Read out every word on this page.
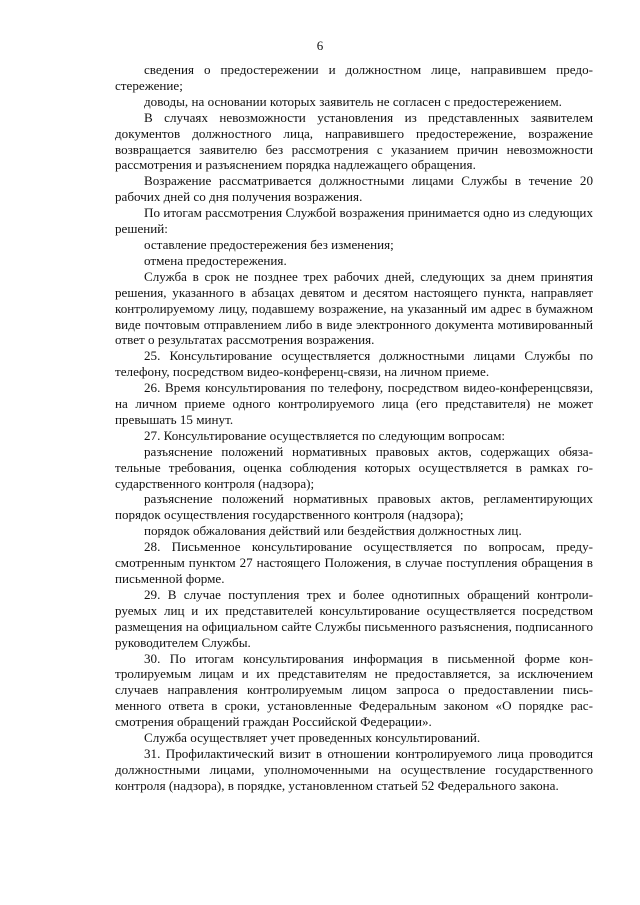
6

сведения о предостережении и должностном лице, направившем предостережение;

доводы, на основании которых заявитель не согласен с предостережением.

В случаях невозможности установления из представленных заявителем документов должностного лица, направившего предостережение, возражение возвращается заявителю без рассмотрения с указанием причин невозможности рассмотрения и разъяснением порядка надлежащего обращения.

Возражение рассматривается должностными лицами Службы в течение 20 рабочих дней со дня получения возражения.

По итогам рассмотрения Службой возражения принимается одно из следующих решений:

оставление предостережения без изменения;

отмена предостережения.

Служба в срок не позднее трех рабочих дней, следующих за днем принятия решения, указанного в абзацах девятом и десятом настоящего пункта, направляет контролируемому лицу, подавшему возражение, на указанный им адрес в бумажном виде почтовым отправлением либо в виде электронного документа мотивированный ответ о результатах рассмотрения возражения.

25. Консультирование осуществляется должностными лицами Службы по телефону, посредством видео-конференц-связи, на личном приеме.

26. Время консультирования по телефону, посредством видео-конференцсвязи, на личном приеме одного контролируемого лица (его представителя) не может превышать 15 минут.

27. Консультирование осуществляется по следующим вопросам:

разъяснение положений нормативных правовых актов, содержащих обязательные требования, оценка соблюдения которых осуществляется в рамках государственного контроля (надзора);

разъяснение положений нормативных правовых актов, регламентирующих порядок осуществления государственного контроля (надзора);

порядок обжалования действий или бездействия должностных лиц.

28. Письменное консультирование осуществляется по вопросам, предусмотренным пунктом 27 настоящего Положения, в случае поступления обращения в письменной форме.

29. В случае поступления трех и более однотипных обращений контролируемых лиц и их представителей консультирование осуществляется посредством размещения на официальном сайте Службы письменного разъяснения, подписанного руководителем Службы.

30. По итогам консультирования информация в письменной форме контролируемым лицам и их представителям не предоставляется, за исключением случаев направления контролируемым лицом запроса о предоставлении письменного ответа в сроки, установленные Федеральным законом «О порядке рассмотрения обращений граждан Российской Федерации».

Служба осуществляет учет проведенных консультирований.

31. Профилактический визит в отношении контролируемого лица проводится должностными лицами, уполномоченными на осуществление государственного контроля (надзора), в порядке, установленном статьей 52 Федерального закона.
